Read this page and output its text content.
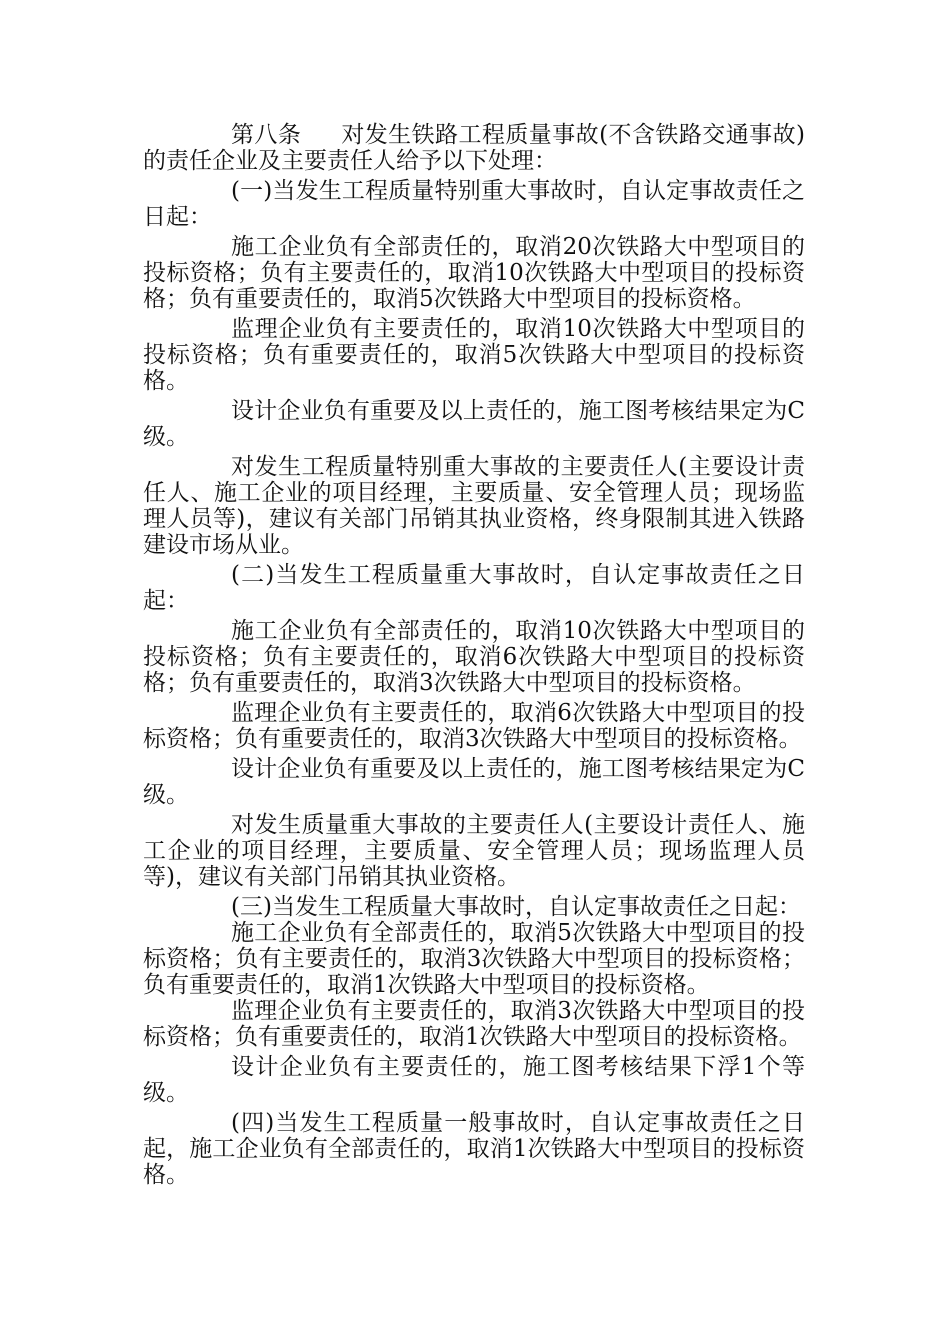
第八条 对发生铁路工程质量事故(不含铁路交通事故)的责任企业及主要责任人给予以下处理：

(一)当发生工程质量特别重大事故时，自认定事故责任之日起：

施工企业负有全部责任的，取消20次铁路大中型项目的投标资格；负有主要责任的，取消10次铁路大中型项目的投标资格；负有重要责任的，取消5次铁路大中型项目的投标资格。

监理企业负有主要责任的，取消10次铁路大中型项目的投标资格；负有重要责任的，取消5次铁路大中型项目的投标资格。

设计企业负有重要及以上责任的，施工图考核结果定为C级。

对发生工程质量特别重大事故的主要责任人(主要设计责任人、施工企业的项目经理，主要质量、安全管理人员；现场监理人员等)，建议有关部门吊销其执业资格，终身限制其进入铁路建设市场从业。

(二)当发生工程质量重大事故时，自认定事故责任之日起：

施工企业负有全部责任的，取消10次铁路大中型项目的投标资格；负有主要责任的，取消6次铁路大中型项目的投标资格；负有重要责任的，取消3次铁路大中型项目的投标资格。

监理企业负有主要责任的，取消6次铁路大中型项目的投标资格；负有重要责任的，取消3次铁路大中型项目的投标资格。

设计企业负有重要及以上责任的，施工图考核结果定为C级。

对发生质量重大事故的主要责任人(主要设计责任人、施工企业的项目经理，主要质量、安全管理人员；现场监理人员等)，建议有关部门吊销其执业资格。

(三)当发生工程质量大事故时，自认定事故责任之日起：

施工企业负有全部责任的，取消5次铁路大中型项目的投标资格；负有主要责任的，取消3次铁路大中型项目的投标资格；负有重要责任的，取消1次铁路大中型项目的投标资格。

监理企业负有主要责任的，取消3次铁路大中型项目的投标资格；负有重要责任的，取消1次铁路大中型项目的投标资格。

设计企业负有主要责任的，施工图考核结果下浮1个等级。

(四)当发生工程质量一般事故时，自认定事故责任之日起，施工企业负有全部责任的，取消1次铁路大中型项目的投标资格。
